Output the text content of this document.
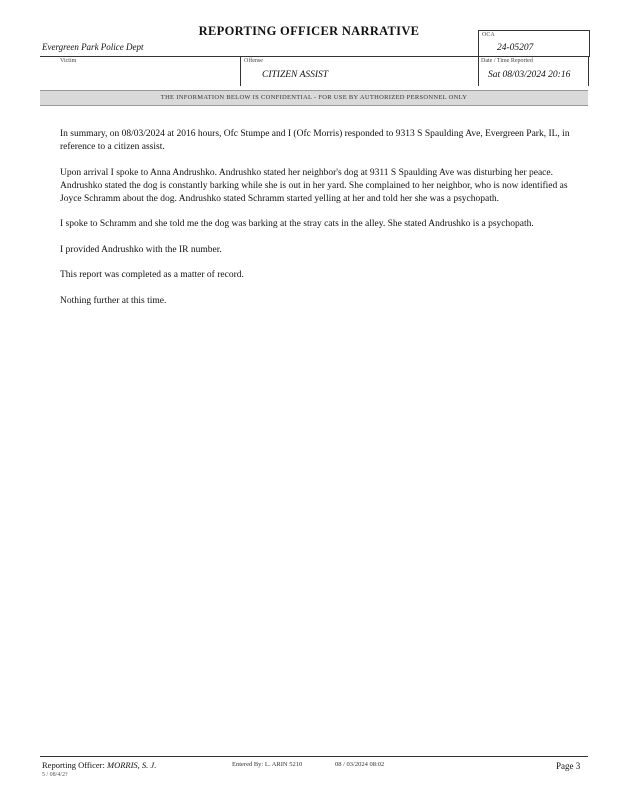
REPORTING OFFICER NARRATIVE
Evergreen Park Police Dept
OCA
24-05207
Victim	Offense
CITIZEN ASSIST
Date / Time Reported
Sat 08/03/2024 20:16
THE INFORMATION BELOW IS CONFIDENTIAL - FOR USE BY AUTHORIZED PERSONNEL ONLY

In summary, on 08/03/2024 at 2016 hours, Ofc Stumpe and I (Ofc Morris) responded to 9313 S Spaulding Ave, Evergreen Park, IL, in reference to a citizen assist.

Upon arrival I spoke to Anna Andrushko. Andrushko stated her neighbor's dog at 9311 S Spaulding Ave was disturbing her peace. Andrushko stated the dog is constantly barking while she is out in her yard. She complained to her neighbor, who is now identified as Joyce Schramm about the dog. Andrushko stated Schramm started yelling at her and told her she was a psychopath.

I spoke to Schramm and she told me the dog was barking at the stray cats in the alley. She stated Andrushko is a psychopath.

I provided Andrushko with the IR number.

This report was completed as a matter of record.

Nothing further at this time.

Reporting Officer: MORRIS, S. J.
5 / 08/4/2?
Entered By: L. ARIN 5210	08 / 03/2024 08:02	Page 3
